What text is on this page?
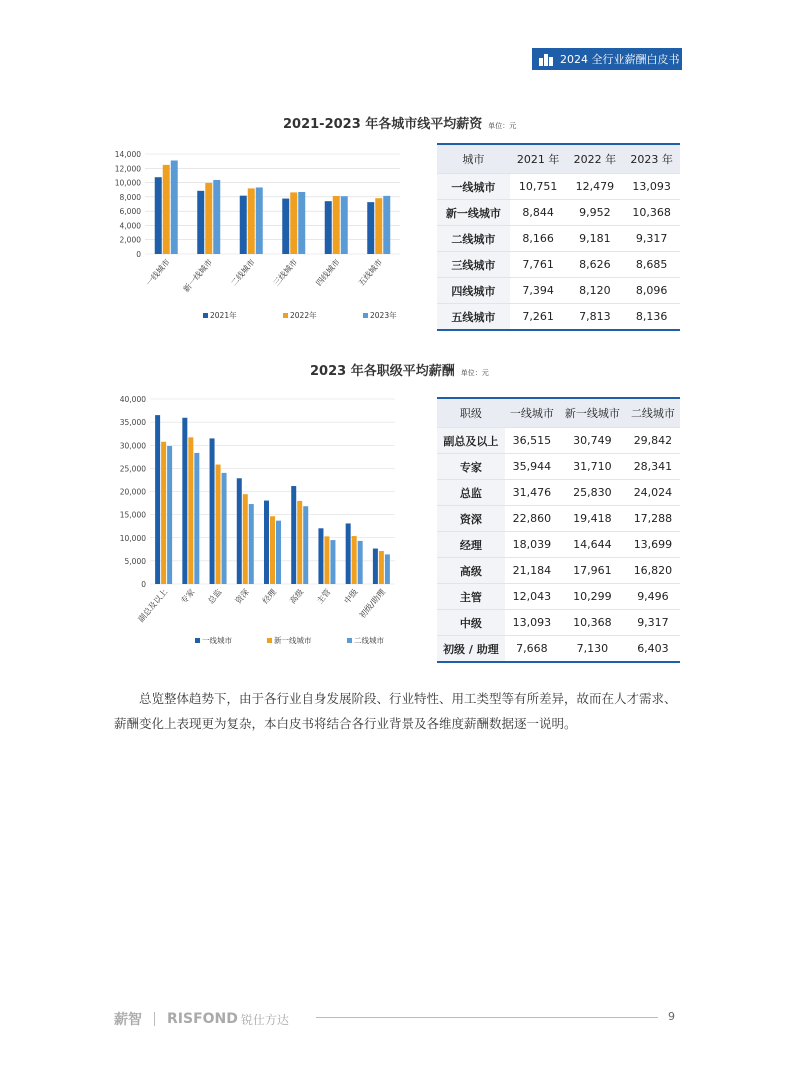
2024 全行业薪酬白皮书
2021-2023 年各城市线平均薪资 单位：元
0
2,000
4,000
6,000
8,000
10,000
12,000
14,000
一线城市 新一线城市 二线城市 三线城市 四线城市 五线城市
2021年	2022年	2023年
城市	2021 年	2022 年	2023 年
一线城市	10,751	12,479	13,093
新一线城市	8,844	9,952	10,368
二线城市	8,166	9,181	9,317
三线城市	7,761	8,626	8,685
四线城市	7,394	8,120	8,096
五线城市	7,261	7,813	8,136
2023 年各职级平均薪酬 单位：元
0
5,000
10,000
15,000
20,000
25,000
30,000
35,000
40,000
副总及以上 专家 总监 资深 经理 高级 主管 中级
初级/助理
一线城市	新一线城市	二线城市
职级	一线城市	新一线城市	二线城市
副总及以上	36,515	30,749	29,842
专家	35,944	31,710	28,341
总监	31,476	25,830	24,024
资深	22,860	19,418	17,288
经理	18,039	14,644	13,699
高级	21,184	17,961	16,820
主管	12,043	10,299	9,496
中级	13,093	10,368	9,317
初级 / 助理	7,668	7,130	6,403
总览整体趋势下，由于各行业自身发展阶段、行业特性、用工类型等有所差异，故而在人才需求、薪酬变化上表现更为复杂，本白皮书将结合各行业背景及各维度薪酬数据逐一说明。
薪智 RISFOND 锐仕方达	9
